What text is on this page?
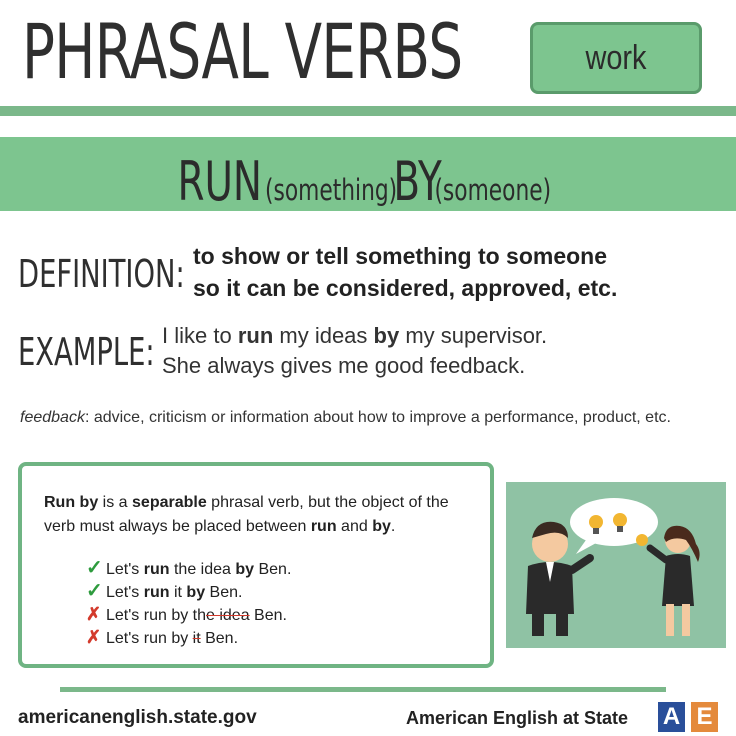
PHRASAL VERBS	work
RUN (something) BY (someone)
DEFINITION: to show or tell something to someone
so it can be considered, approved, etc.
EXAMPLE: I like to run my ideas by my supervisor.
She always gives me good feedback.
feedback: advice, criticism or information about how to improve a performance, product, etc.
Run by is a separable phrasal verb, but the object of the verb must always be placed between run and by.
✓ Let's run the idea by Ben.
✓ Let's run it by Ben.
✗ Let's run by the idea Ben.
✗ Let's run by it Ben.
americanenglish.state.gov	American English at State A E
